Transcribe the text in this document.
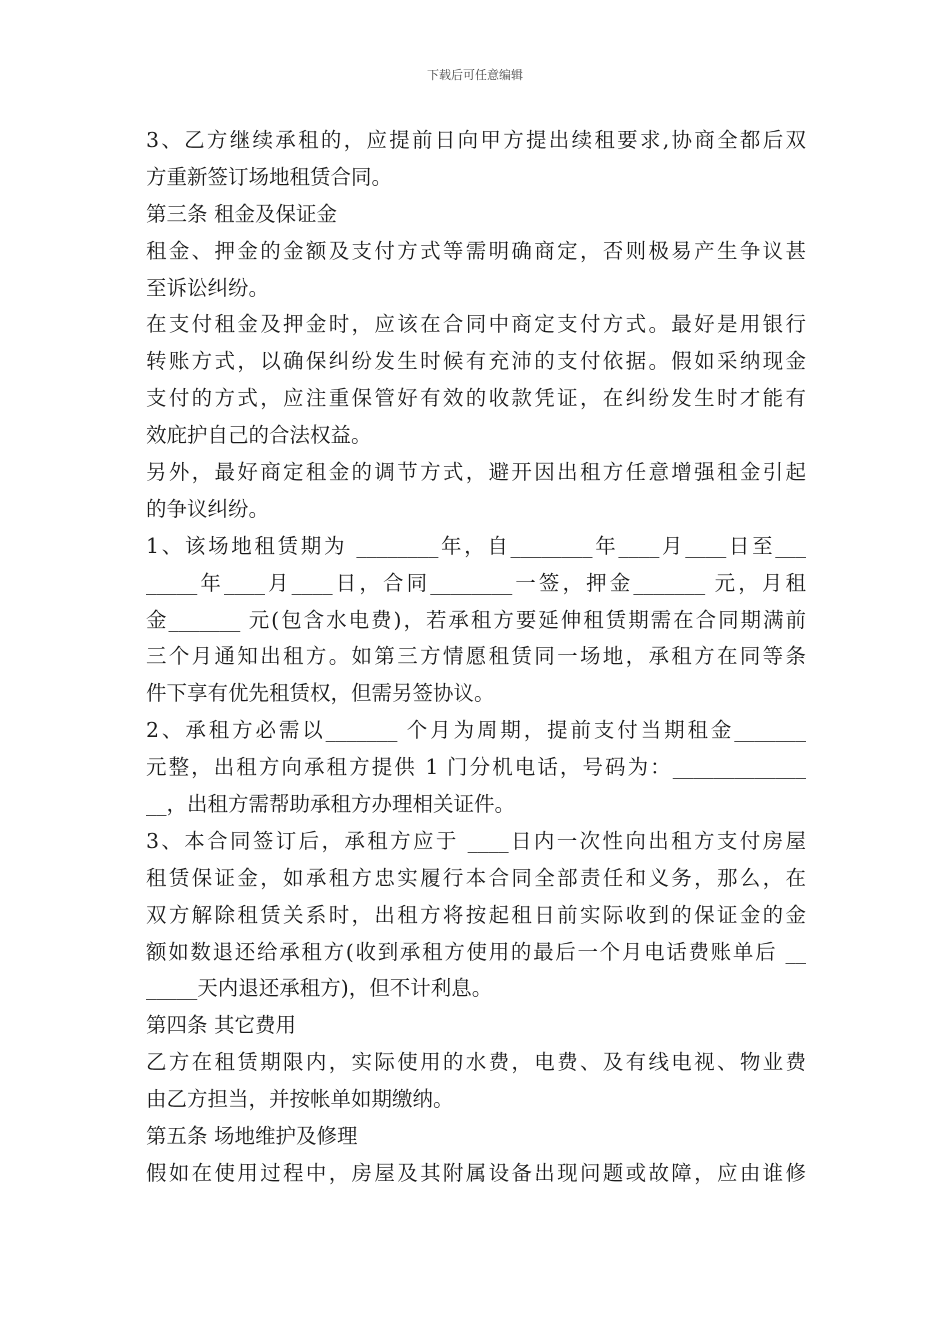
下载后可任意编辑
3、乙方继续承租的，应提前日向甲方提出续租要求,协商全都后双
方重新签订场地租赁合同。
第三条 租金及保证金
租金、押金的金额及支付方式等需明确商定，否则极易产生争议甚
至诉讼纠纷。
在支付租金及押金时，应该在合同中商定支付方式。最好是用银行
转账方式，以确保纠纷发生时候有充沛的支付依据。假如采纳现金
支付的方式，应注重保管好有效的收款凭证，在纠纷发生时才能有
效庇护自己的合法权益。
另外，最好商定租金的调节方式，避开因出租方任意增强租金引起
的争议纠纷。
1、该场地租赁期为 ________年，自________年____月____日至___
_____年____月____日，合同________一签，押金_______ 元，月租
金_______ 元(包含水电费)，若承租方要延伸租赁期需在合同期满前
三个月通知出租方。如第三方情愿租赁同一场地，承租方在同等条
件下享有优先租赁权，但需另签协议。
2、承租方必需以_______ 个月为周期，提前支付当期租金_______
元整，出租方向承租方提供 1 门分机电话，号码为：_____________
__，出租方需帮助承租方办理相关证件。
3、本合同签订后，承租方应于 ____日内一次性向出租方支付房屋
租赁保证金，如承租方忠实履行本合同全部责任和义务，那么，在
双方解除租赁关系时，出租方将按起租日前实际收到的保证金的金
额如数退还给承租方(收到承租方使用的最后一个月电话费账单后 __
_____天内退还承租方)，但不计利息。
第四条 其它费用
乙方在租赁期限内，实际使用的水费，电费、及有线电视、物业费
由乙方担当，并按帐单如期缴纳。
第五条 场地维护及修理
假如在使用过程中，房屋及其附属设备出现问题或故障，应由谁修
